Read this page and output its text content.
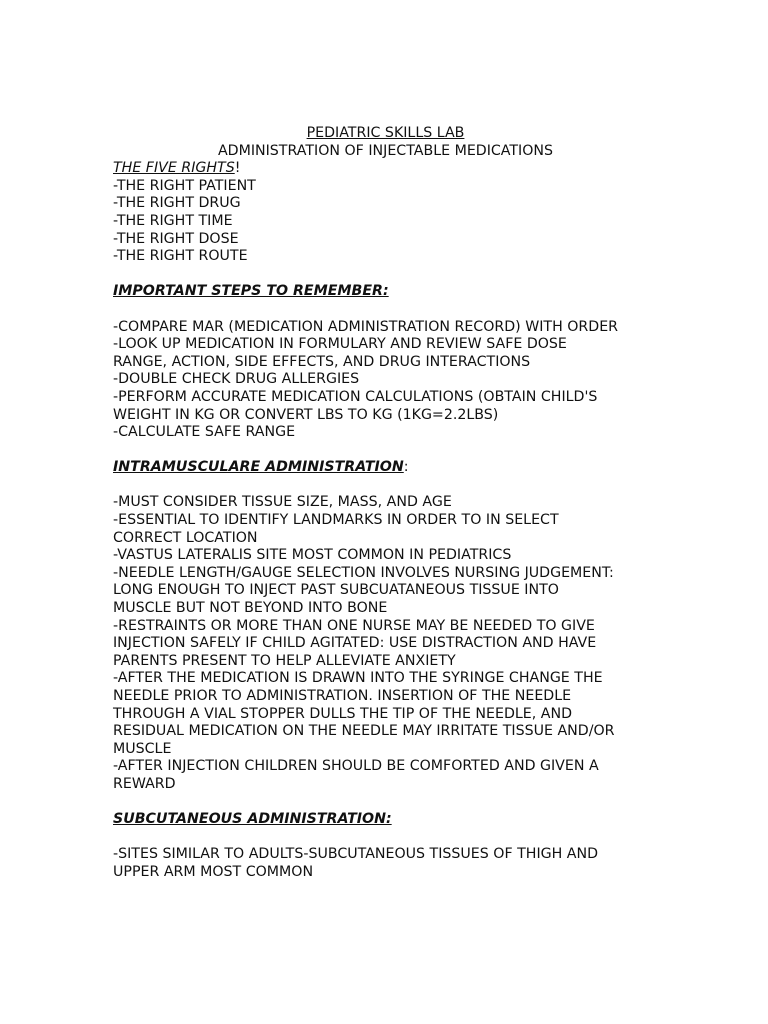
PEDIATRIC SKILLS LAB
ADMINISTRATION OF INJECTABLE MEDICATIONS
THE FIVE RIGHTS!
-THE RIGHT PATIENT
-THE RIGHT DRUG
-THE RIGHT TIME
-THE RIGHT DOSE
-THE RIGHT ROUTE
IMPORTANT STEPS TO REMEMBER:
-COMPARE MAR (MEDICATION ADMINISTRATION RECORD) WITH ORDER
-LOOK UP MEDICATION IN FORMULARY AND REVIEW SAFE DOSE
RANGE, ACTION, SIDE EFFECTS, AND DRUG INTERACTIONS
-DOUBLE CHECK DRUG ALLERGIES
-PERFORM ACCURATE MEDICATION CALCULATIONS (OBTAIN CHILD'S
WEIGHT IN KG OR CONVERT LBS TO KG (1KG=2.2LBS)
-CALCULATE SAFE RANGE
INTRAMUSCULARE ADMINISTRATION:
-MUST CONSIDER TISSUE SIZE, MASS, AND AGE
-ESSENTIAL TO IDENTIFY LANDMARKS IN ORDER TO IN SELECT
CORRECT LOCATION
-VASTUS LATERALIS SITE MOST COMMON IN PEDIATRICS
-NEEDLE LENGTH/GAUGE SELECTION INVOLVES NURSING JUDGEMENT:
LONG ENOUGH TO INJECT PAST SUBCUATANEOUS TISSUE INTO
MUSCLE BUT NOT BEYOND INTO BONE
-RESTRAINTS OR MORE THAN ONE NURSE MAY BE NEEDED TO GIVE
INJECTION SAFELY IF CHILD AGITATED: USE DISTRACTION AND HAVE
PARENTS PRESENT TO HELP ALLEVIATE ANXIETY
-AFTER THE MEDICATION IS DRAWN INTO THE SYRINGE CHANGE THE
NEEDLE PRIOR TO ADMINISTRATION. INSERTION OF THE NEEDLE
THROUGH A VIAL STOPPER DULLS THE TIP OF THE NEEDLE, AND
RESIDUAL MEDICATION ON THE NEEDLE MAY IRRITATE TISSUE AND/OR
MUSCLE
-AFTER INJECTION CHILDREN SHOULD BE COMFORTED AND GIVEN A
REWARD
SUBCUTANEOUS ADMINISTRATION:
-SITES SIMILAR TO ADULTS-SUBCUTANEOUS TISSUES OF THIGH AND
UPPER ARM MOST COMMON
